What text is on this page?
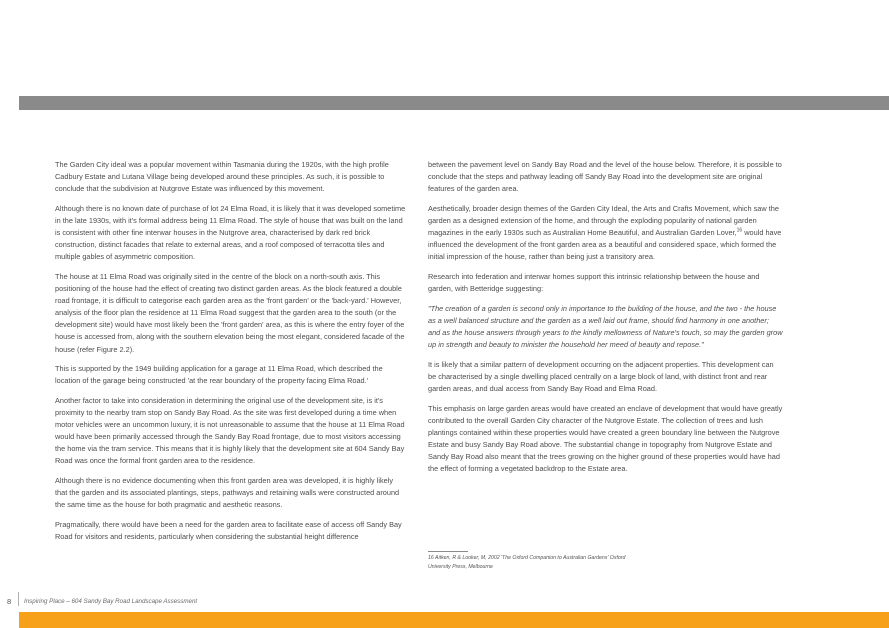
The Garden City ideal was a popular movement within Tasmania during the 1920s, with the high profile Cadbury Estate and Lutana Village being developed around these principles. As such, it is possible to conclude that the subdivision at Nutgrove Estate was influenced by this movement.

Although there is no known date of purchase of lot 24 Elma Road, it is likely that it was developed sometime in the late 1930s, with it's formal address being 11 Elma Road. The style of house that was built on the land is consistent with other fine interwar houses in the Nutgrove area, characterised by dark red brick construction, distinct facades that relate to external areas, and a roof composed of terracotta tiles and multiple gables of asymmetric composition.

The house at 11 Elma Road was originally sited in the centre of the block on a north-south axis. This positioning of the house had the effect of creating two distinct garden areas. As the block featured a double road frontage, it is difficult to categorise each garden area as the 'front garden' or the 'back-yard.' However, analysis of the floor plan the residence at 11 Elma Road suggest that the garden area to the south (or the development site) would have most likely been the 'front garden' area, as this is where the entry foyer of the house is accessed from, along with the southern elevation being the most elegant, considered facade of the house (refer Figure 2.2).

This is supported by the 1949 building application for a garage at 11 Elma Road, which described the location of the garage being constructed 'at the rear boundary of the property facing Elma Road.'

Another factor to take into consideration in determining the original use of the development site, is it's proximity to the nearby tram stop on Sandy Bay Road. As the site was first developed during a time when motor vehicles were an uncommon luxury, it is not unreasonable to assume that the house at 11 Elma Road would have been primarily accessed through the Sandy Bay Road frontage, due to most visitors accessing the home via the tram service. This means that it is highly likely that the development site at 604 Sandy Bay Road was once the formal front garden area to the residence.

Although there is no evidence documenting when this front garden area was developed, it is highly likely that the garden and its associated plantings, steps, pathways and retaining walls were constructed around the same time as the house for both pragmatic and aesthetic reasons.

Pragmatically, there would have been a need for the garden area to facilitate ease of access off Sandy Bay Road for visitors and residents, particularly when considering the substantial height difference

between the pavement level on Sandy Bay Road and the level of the house below. Therefore, it is possible to conclude that the steps and pathway leading off Sandy Bay Road into the development site are original features of the garden area.

Aesthetically, broader design themes of the Garden City Ideal, the Arts and Crafts Movement, which saw the garden as a designed extension of the home, and through the exploding popularity of national garden magazines in the early 1930s such as Australian Home Beautiful, and Australian Garden Lover,$^{16}$ would have influenced the development of the front garden area as a beautiful and considered space, which formed the initial impression of the house, rather than being just a transitory area.

Research into federation and interwar homes support this intrinsic relationship between the house and garden, with Betteridge suggesting:

"The creation of a garden is second only in importance to the building of the house, and the two - the house as a well balanced structure and the garden as a well laid out frame, should find harmony in one another; and as the house answers through years to the kindly mellowness of Nature's touch, so may the garden grow up in strength and beauty to minister the household her meed of beauty and repose."

It is likely that a similar pattern of development occurring on the adjacent properties. This development can be characterised by a single dwelling placed centrally on a large block of land, with distinct front and rear garden areas, and dual access from Sandy Bay Road and Elma Road.

This emphasis on large garden areas would have created an enclave of development that would have greatly contributed to the overall Garden City character of the Nutgrove Estate. The collection of trees and lush plantings contained within these properties would have created a green boundary line between the Nutgrove Estate and busy Sandy Bay Road above. The substantial change in topography from Nutgrove Estate and Sandy Bay Road also meant that the trees growing on the higher ground of these properties would have had the effect of forming a vegetated backdrop to the Estate area.

16 Aitken, R & Looker, M, 2002 'The Oxford Companion to Australian Gardens' Oxford
University Press, Melbourne
8 Inspiring Place – 604 Sandy Bay Road Landscape Assessment
